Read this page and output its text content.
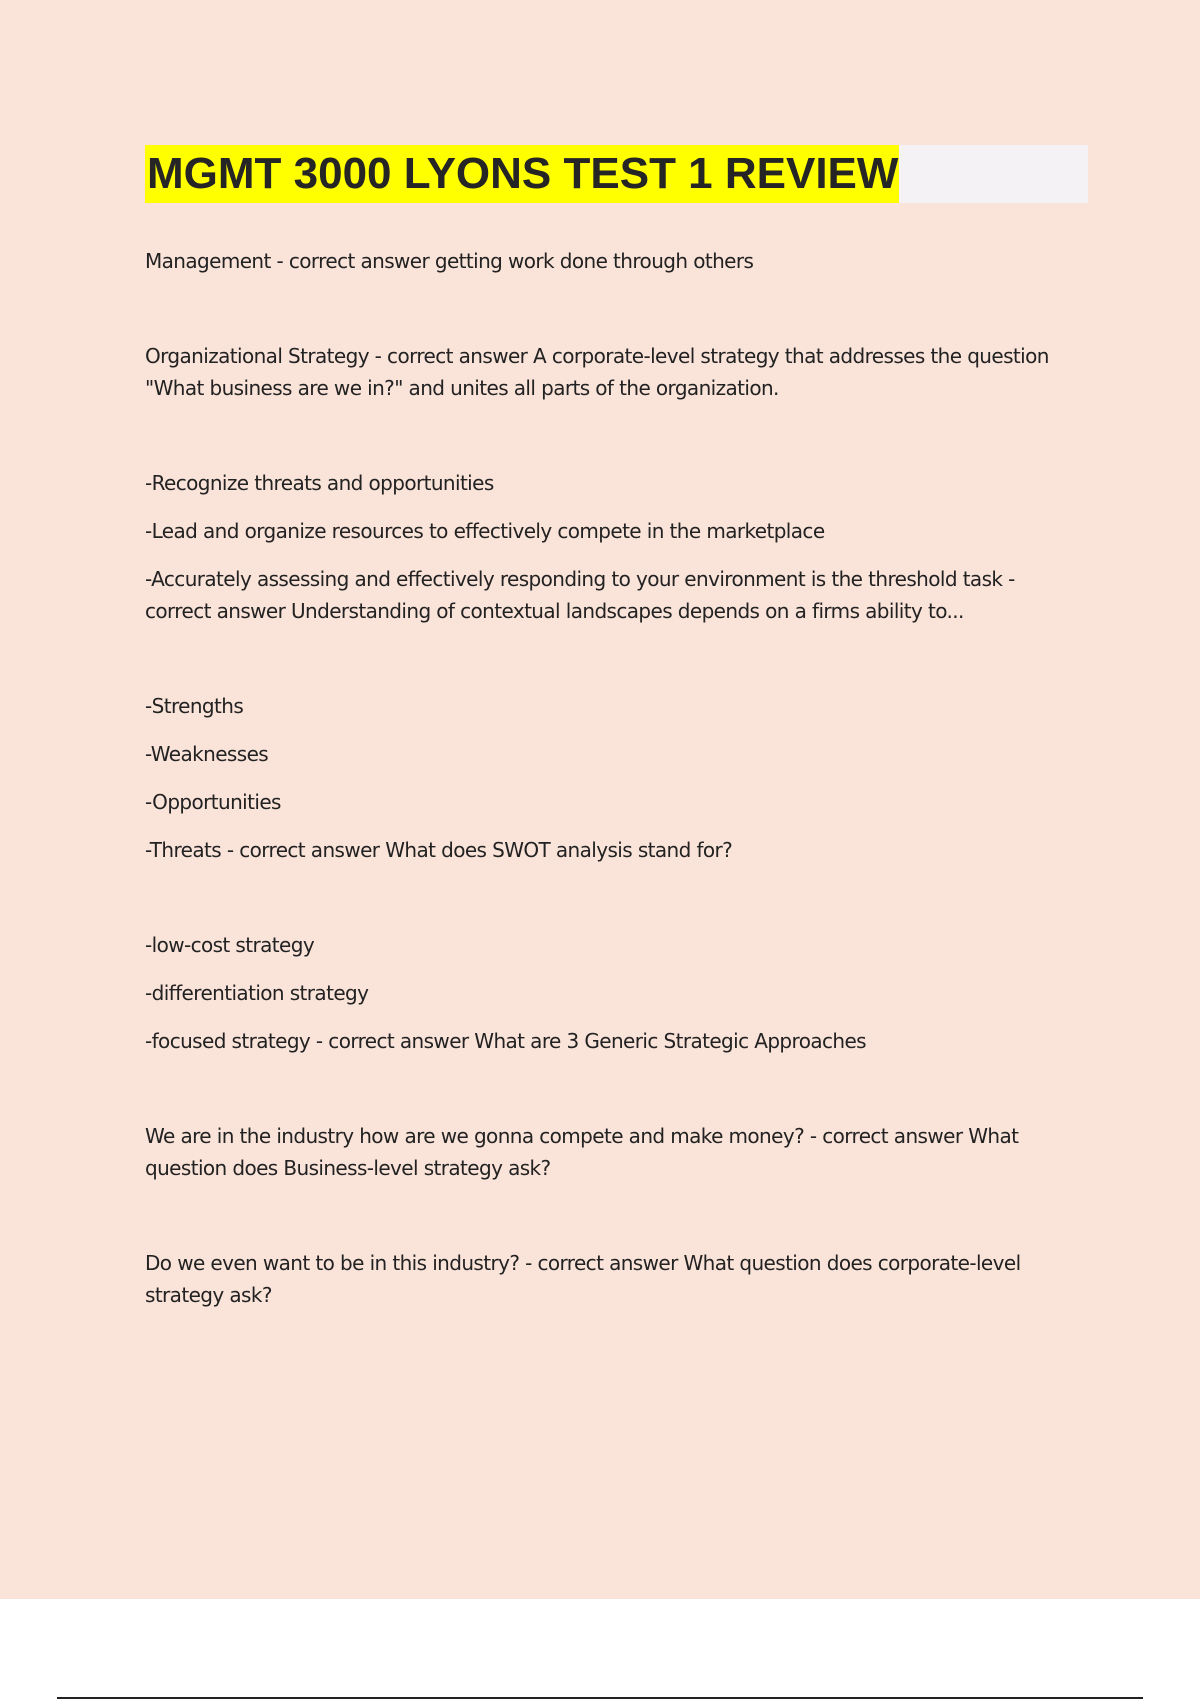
MGMT 3000 LYONS TEST 1 REVIEW

Management - correct answer getting work done through others

Organizational Strategy - correct answer A corporate-level strategy that addresses the question "What business are we in?" and unites all parts of the organization.

-Recognize threats and opportunities

-Lead and organize resources to effectively compete in the marketplace

-Accurately assessing and effectively responding to your environment is the threshold task - correct answer Understanding of contextual landscapes depends on a firms ability to...

-Strengths

-Weaknesses

-Opportunities

-Threats - correct answer What does SWOT analysis stand for?

-low-cost strategy

-differentiation strategy

-focused strategy - correct answer What are 3 Generic Strategic Approaches

We are in the industry how are we gonna compete and make money? - correct answer What question does Business-level strategy ask?

Do we even want to be in this industry? - correct answer What question does corporate-level strategy ask?
